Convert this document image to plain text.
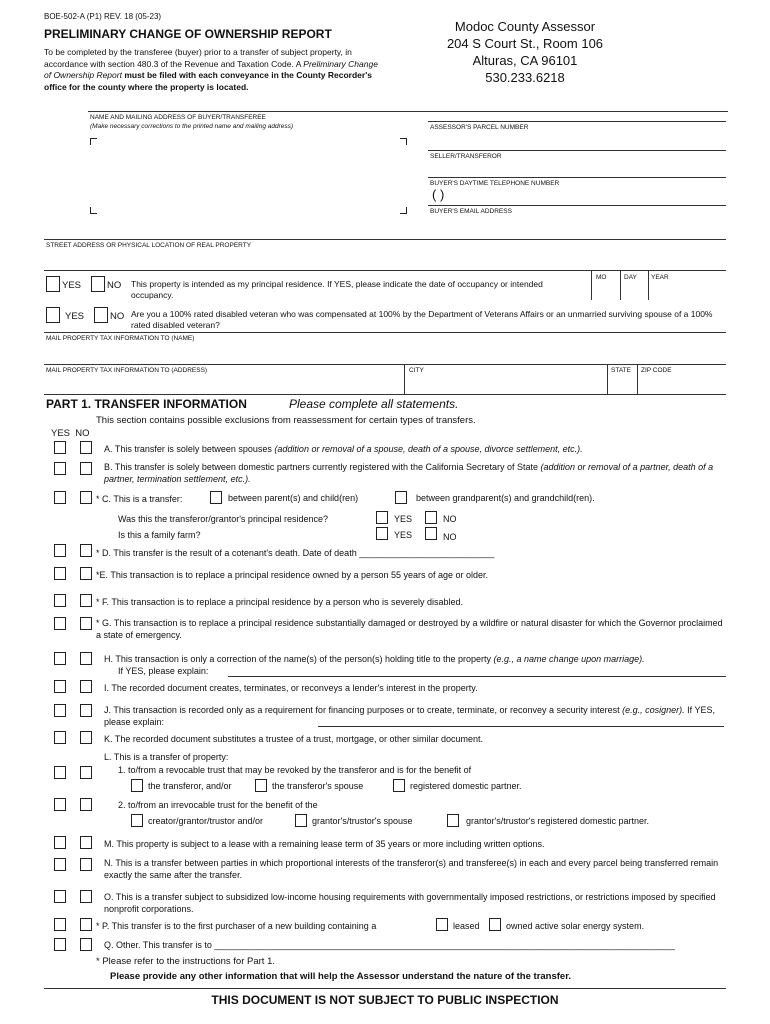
BOE-502-A (P1) REV. 18 (05-23)
PRELIMINARY CHANGE OF OWNERSHIP REPORT
To be completed by the transferee (buyer) prior to a transfer of subject property, in accordance with section 480.3 of the Revenue and Taxation Code. A Preliminary Change of Ownership Report must be filed with each conveyance in the County Recorder's office for the county where the property is located.
Modoc County Assessor
204 S Court St., Room 106
Alturas, CA 96101
530.233.6218
NAME AND MAILING ADDRESS OF BUYER/TRANSFEREE
(Make necessary corrections to the printed name and mailing address)	ASSESSOR'S PARCEL NUMBER
SELLER/TRANSFEROR
BUYER'S DAYTIME TELEPHONE NUMBER
( )
BUYER'S EMAIL ADDRESS
STREET ADDRESS OR PHYSICAL LOCATION OF REAL PROPERTY
YES	NO This property is intended as my principal residence. If YES, please indicate the date of occupancy or intended occupancy.
MO	DAY YEAR
YES	NO Are you a 100% rated disabled veteran who was compensated at 100% by the Department of Veterans Affairs or an unmarried surviving spouse of a 100% rated disabled veteran?
MAIL PROPERTY TAX INFORMATION TO (NAME)
MAIL PROPERTY TAX INFORMATION TO (ADDRESS)	CITY	STATE ZIP CODE
PART 1. TRANSFER INFORMATION	Please complete all statements.
This section contains possible exclusions from reassessment for certain types of transfers.
YES  NO
A. This transfer is solely between spouses (addition or removal of a spouse, death of a spouse, divorce settlement, etc.).
B. This transfer is solely between domestic partners currently registered with the California Secretary of State (addition or removal of a partner, death of a partner, termination settlement, etc.).
* C. This is a transfer:	between parent(s) and child(ren)	between grandparent(s) and grandchild(ren).
Was this the transferor/grantor's principal residence?	YES	NO
Is this a family farm?	YES	NO
* D. This transfer is the result of a cotenant's death. Date of death ___________________________
*E. This transaction is to replace a principal residence owned by a person 55 years of age or older.
* F. This transaction is to replace a principal residence by a person who is severely disabled.
* G. This transaction is to replace a principal residence substantially damaged or destroyed by a wildfire or natural disaster for which the Governor proclaimed a state of emergency.
H. This transaction is only a correction of the name(s) of the person(s) holding title to the property (e.g., a name change upon marriage).
If YES, please explain:
I. The recorded document creates, terminates, or reconveys a lender's interest in the property.
J. This transaction is recorded only as a requirement for financing purposes or to create, terminate, or reconvey a security interest (e.g., cosigner). If YES, please explain:
K. The recorded document substitutes a trustee of a trust, mortgage, or other similar document.
L. This is a transfer of property:
1. to/from a revocable trust that may be revoked by the transferor and is for the benefit of
the transferor, and/or	the transferor's spouse	registered domestic partner.
2. to/from an irrevocable trust for the benefit of the
creator/grantor/trustor and/or	grantor's/trustor's spouse	grantor's/trustor's registered domestic partner.
M. This property is subject to a lease with a remaining lease term of 35 years or more including written options.
N. This is a transfer between parties in which proportional interests of the transferor(s) and transferee(s) in each and every parcel being transferred remain exactly the same after the transfer.
O. This is a transfer subject to subsidized low-income housing requirements with governmentally imposed restrictions, or restrictions imposed by specified nonprofit corporations.
* P. This transfer is to the first purchaser of a new building containing a	leased	owned active solar energy system.
Q. Other. This transfer is to ____________________________________________________________________________________________
* Please refer to the instructions for Part 1.
Please provide any other information that will help the Assessor understand the nature of the transfer.
THIS DOCUMENT IS NOT SUBJECT TO PUBLIC INSPECTION
